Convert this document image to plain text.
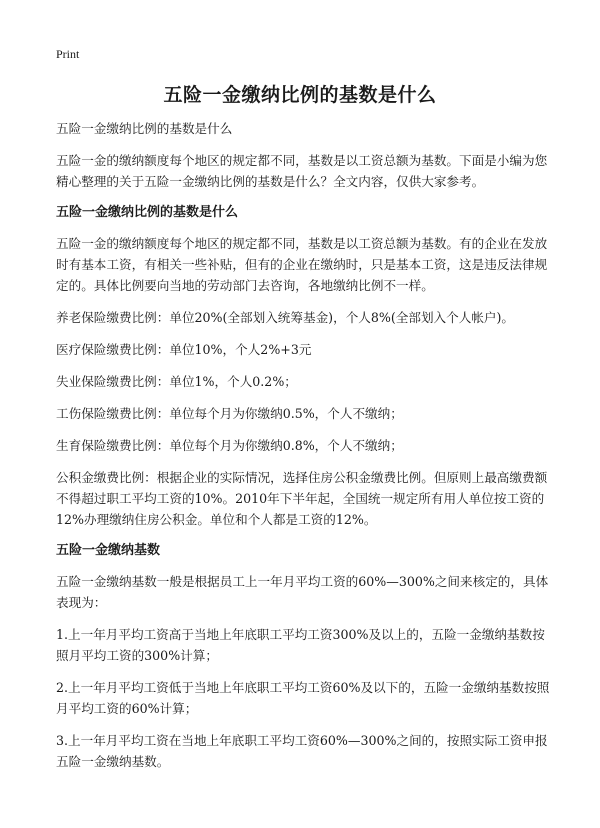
Print
五险一金缴纳比例的基数是什么

五险一金缴纳比例的基数是什么

五险一金的缴纳额度每个地区的规定都不同，基数是以工资总额为基数。下面是小编为您精心整理的关于五险一金缴纳比例的基数是什么？全文内容，仅供大家参考。

五险一金缴纳比例的基数是什么

五险一金的缴纳额度每个地区的规定都不同，基数是以工资总额为基数。有的企业在发放时有基本工资，有相关一些补贴，但有的企业在缴纳时，只是基本工资，这是违反法律规定的。具体比例要向当地的劳动部门去咨询，各地缴纳比例不一样。

养老保险缴费比例：单位20%(全部划入统筹基金)，个人8%(全部划入个人帐户)。

医疗保险缴费比例：单位10%，个人2%+3元

失业保险缴费比例：单位1%，个人0.2%；

工伤保险缴费比例：单位每个月为你缴纳0.5%，个人不缴纳；

生育保险缴费比例：单位每个月为你缴纳0.8%，个人不缴纳；

公积金缴费比例：根据企业的实际情况，选择住房公积金缴费比例。但原则上最高缴费额不得超过职工平均工资的10%。2010年下半年起，全国统一规定所有用人单位按工资的12%办理缴纳住房公积金。单位和个人都是工资的12%。

五险一金缴纳基数

五险一金缴纳基数一般是根据员工上一年月平均工资的60%—300%之间来核定的，具体表现为：

1.上一年月平均工资高于当地上年底职工平均工资300%及以上的，五险一金缴纳基数按照月平均工资的300%计算；

2.上一年月平均工资低于当地上年底职工平均工资60%及以下的，五险一金缴纳基数按照月平均工资的60%计算；

3.上一年月平均工资在当地上年底职工平均工资60%—300%之间的，按照实际工资申报五险一金缴纳基数。
